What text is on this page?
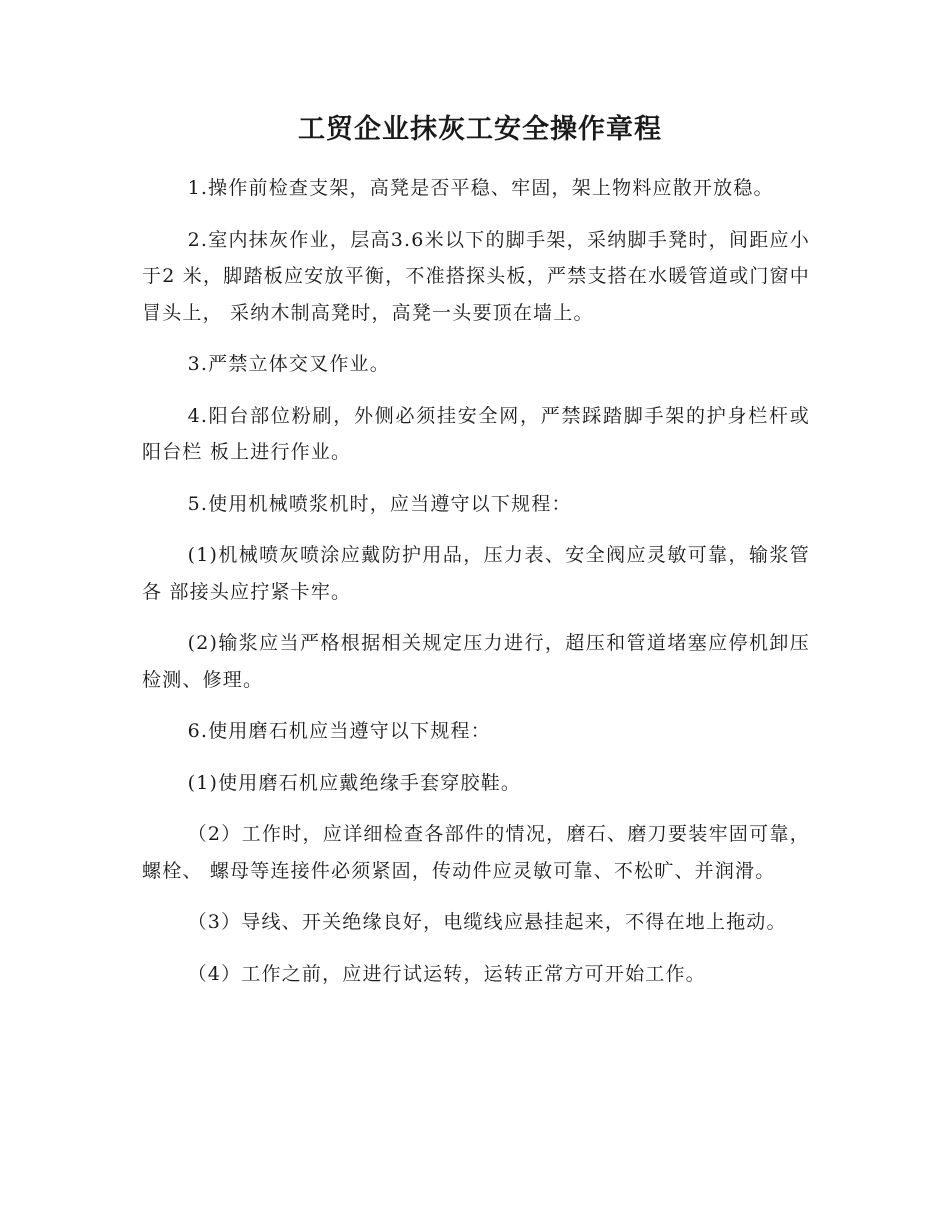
工贸企业抹灰工安全操作章程

1.操作前检查支架，高凳是否平稳、牢固，架上物料应散开放稳。

2.室内抹灰作业，层高3.6米以下的脚手架，采纳脚手凳时，间距应小于2 米，脚踏板应安放平衡，不准搭探头板，严禁支搭在水暖管道或门窗中冒头上， 采纳木制高凳时，高凳一头要顶在墙上。

3.严禁立体交叉作业。

4.阳台部位粉刷，外侧必须挂安全网，严禁踩踏脚手架的护身栏杆或阳台栏 板上进行作业。

5.使用机械喷浆机时，应当遵守以下规程：

(1)机械喷灰喷涂应戴防护用品，压力表、安全阀应灵敏可靠，输浆管各 部接头应拧紧卡牢。

(2)输浆应当严格根据相关规定压力进行，超压和管道堵塞应停机卸压检测、修理。

6.使用磨石机应当遵守以下规程：

(1)使用磨石机应戴绝缘手套穿胶鞋。

（2）工作时，应详细检查各部件的情况，磨石、磨刀要装牢固可靠，螺栓、 螺母等连接件必须紧固，传动件应灵敏可靠、不松旷、并润滑。

（3）导线、开关绝缘良好，电缆线应悬挂起来，不得在地上拖动。

（4）工作之前，应进行试运转，运转正常方可开始工作。
